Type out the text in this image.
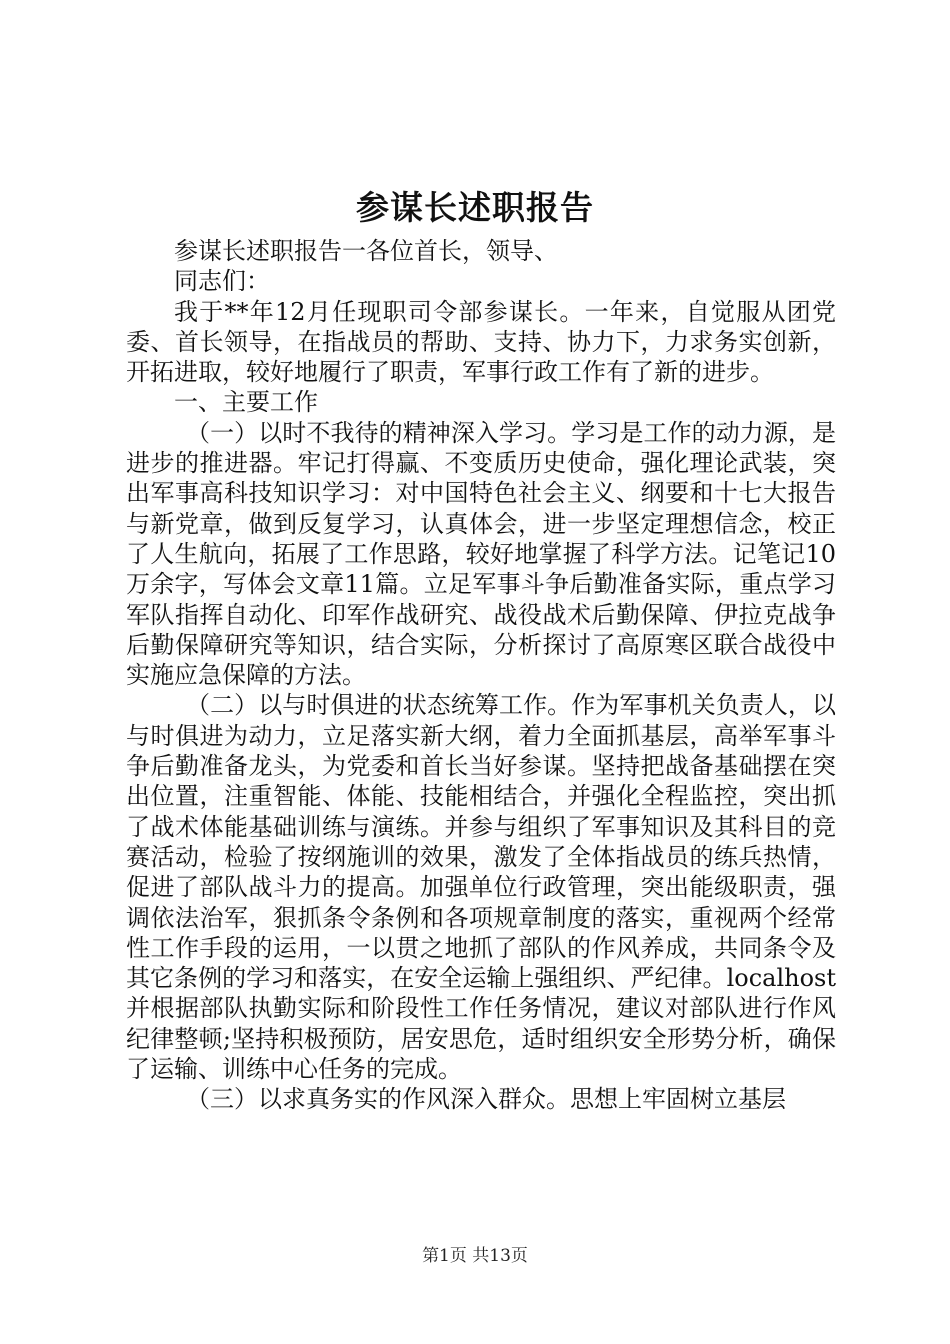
参谋长述职报告

参谋长述职报告一各位首长，领导、

同志们：

我于**年12月任现职司令部参谋长。一年来，自觉服从团党委、首长领导，在指战员的帮助、支持、协力下，力求务实创新，开拓进取，较好地履行了职责，军事行政工作有了新的进步。

一、主要工作

（一）以时不我待的精神深入学习。学习是工作的动力源，是进步的推进器。牢记打得赢、不变质历史使命，强化理论武装，突出军事高科技知识学习：对中国特色社会主义、纲要和十七大报告与新党章，做到反复学习，认真体会，进一步坚定理想信念，校正了人生航向，拓展了工作思路，较好地掌握了科学方法。记笔记10万余字，写体会文章11篇。立足军事斗争后勤准备实际，重点学习军队指挥自动化、印军作战研究、战役战术后勤保障、伊拉克战争后勤保障研究等知识，结合实际，分析探讨了高原寒区联合战役中实施应急保障的方法。

（二）以与时俱进的状态统筹工作。作为军事机关负责人，以与时俱进为动力，立足落实新大纲，着力全面抓基层，高举军事斗争后勤准备龙头，为党委和首长当好参谋。坚持把战备基础摆在突出位置，注重智能、体能、技能相结合，并强化全程监控，突出抓了战术体能基础训练与演练。并参与组织了军事知识及其科目的竞赛活动，检验了按纲施训的效果，激发了全体指战员的练兵热情，促进了部队战斗力的提高。加强单位行政管理，突出能级职责，强调依法治军，狠抓条令条例和各项规章制度的落实，重视两个经常性工作手段的运用，一以贯之地抓了部队的作风养成，共同条令及其它条例的学习和落实，在安全运输上强组织、严纪律。localhost并根据部队执勤实际和阶段性工作任务情况，建议对部队进行作风纪律整顿;坚持积极预防，居安思危，适时组织安全形势分析，确保了运输、训练中心任务的完成。

（三）以求真务实的作风深入群众。思想上牢固树立基层

第1页 共13页
